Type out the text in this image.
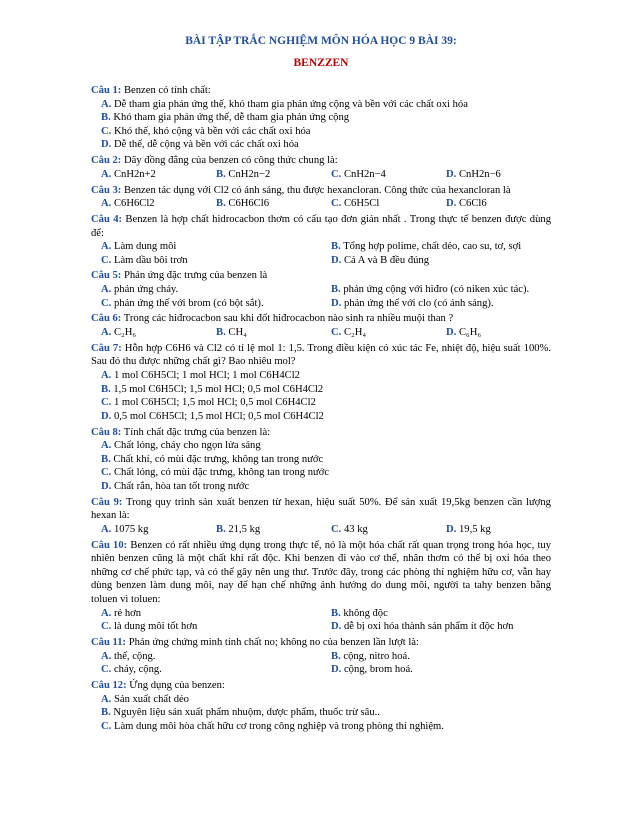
BÀI TẬP TRẮC NGHIỆM MÔN HÓA HỌC 9 BÀI 39:
BENZZEN
Câu 1: Benzen có tính chất:
A. Dễ tham gia phản ứng thế, khó tham gia phản ứng cộng và bền với các chất oxi hóa
B. Khó tham gia phản ứng thế, dễ tham gia phản ứng cộng
C. Khó thế, khó cộng và bền với các chất oxi hóa
D. Dễ thế, dễ cộng và bền với các chất oxi hóa
Câu 2: Dãy đồng đẳng của benzen có công thức chung là:
A. CnH2n+2	B. CnH2n−2	C. CnH2n−4	D. CnH2n−6
Câu 3: Benzen tác dụng với Cl2 có ánh sáng, thu được hexancloran. Công thức của hexancloran là
A. C6H6Cl2	B. C6H6Cl6	C. C6H5Cl	D. C6Cl6
Câu 4: Benzen là hợp chất hidrocacbon thơm có cấu tạo đơn giản nhất . Trong thực tế benzen được dùng để:
A. Làm dung môi	B. Tổng hợp polime, chất dẻo, cao su, tơ, sợi
C. Làm dầu bôi trơn	D. Cả A và B đều đúng
Câu 5: Phản ứng đặc trưng của benzen là
A. phản ứng cháy.	B. phản ứng cộng với hiđro (có niken xúc tác).
C. phản ứng thế với brom (có bột sắt).	D. phản ứng thế với clo (có ánh sáng).
Câu 6: Trong các hiđrocacbon sau khi đốt hiđrocacbon nào sinh ra nhiều muội than ?
A. C₂H₆	B. CH₄	C. C₂H₄	D. C₆H₆
Câu 7: Hỗn hợp C6H6 và Cl2 có tỉ lệ mol 1: 1,5. Trong điều kiện có xúc tác Fe, nhiệt độ, hiệu suất 100%. Sau đó thu được những chất gì? Bao nhiêu mol?
A. 1 mol C6H5Cl; 1 mol HCl; 1 mol C6H4Cl2
B. 1,5 mol C6H5Cl; 1,5 mol HCl; 0,5 mol C6H4Cl2
C. 1 mol C6H5Cl; 1,5 mol HCl; 0,5 mol C6H4Cl2
D. 0,5 mol C6H5Cl; 1,5 mol HCl; 0,5 mol C6H4Cl2
Câu 8: Tính chất đặc trưng của benzen là:
A. Chất lỏng, cháy cho ngọn lửa sáng
B. Chất khí, có mùi đặc trưng, không tan trong nước
C. Chất lỏng, có mùi đặc trưng, không tan trong nước
D. Chất rắn, hòa tan tốt trong nước
Câu 9: Trong quy trình sản xuất benzen từ hexan, hiệu suất 50%. Để sản xuất 19,5kg benzen cần lượng hexan là:
A. 1075 kg	B. 21,5 kg	C. 43 kg	D. 19,5 kg
Câu 10: Benzen có rất nhiều ứng dụng trong thực tế, nó là một hóa chất rất quan trọng trong hóa học, tuy nhiên benzen cũng là một chất khí rất độc. Khi benzen đi vào cơ thể, nhân thơm có thể bị oxi hóa theo những cơ chế phức tạp, và có thể gây nên ung thư. Trước đây, trong các phòng thí nghiệm hữu cơ, vẫn hay dùng benzen làm dung môi, nay để hạn chế những ảnh hưởng do dung môi, người ta tahy benzen bằng toluen vì toluen:
A. rẻ hơn	B. không độc
C. là dung môi tốt hơn	D. dễ bị oxi hóa thành sản phẩm ít độc hơn
Câu 11: Phản ứng chứng minh tính chất no; không no của benzen lần lượt là:
A. thế, cộng.	B. cộng, nitro hoá.
C. cháy, cộng.	D. cộng, brom hoá.
Câu 12: Ứng dụng của benzen:
A. Sản xuất chất dẻo
B. Nguyên liệu sản xuất phẩm nhuộm, dược phẩm, thuốc trừ sâu..
C. Làm dung môi hòa chất hữu cơ trong công nghiệp và trong phòng thí nghiệm.
